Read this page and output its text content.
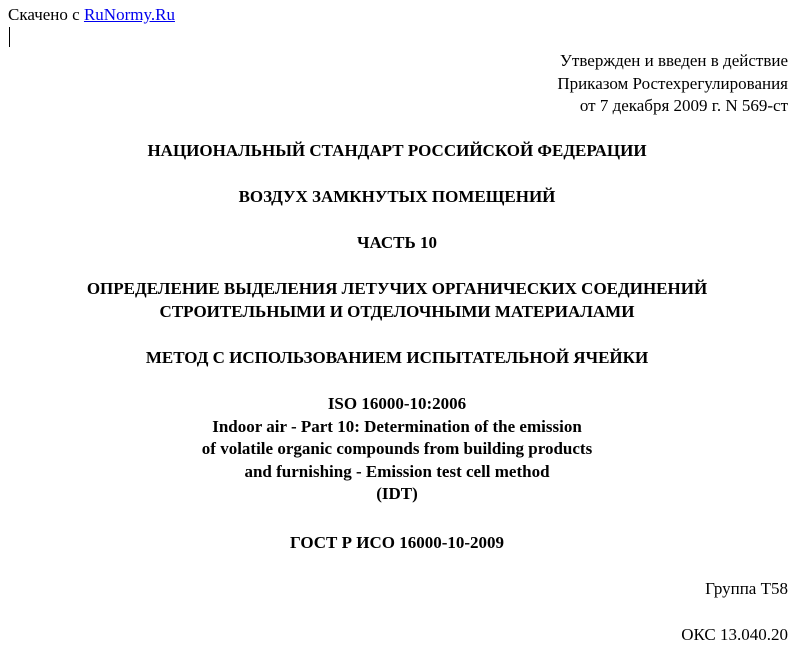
Скачено с RuNormy.Ru
Утвержден и введен в действие
Приказом Ростехрегулирования
от 7 декабря 2009 г. N 569-ст
НАЦИОНАЛЬНЫЙ СТАНДАРТ РОССИЙСКОЙ ФЕДЕРАЦИИ
ВОЗДУХ ЗАМКНУТЫХ ПОМЕЩЕНИЙ
ЧАСТЬ 10
ОПРЕДЕЛЕНИЕ ВЫДЕЛЕНИЯ ЛЕТУЧИХ ОРГАНИЧЕСКИХ СОЕДИНЕНИЙ
СТРОИТЕЛЬНЫМИ И ОТДЕЛОЧНЫМИ МАТЕРИАЛАМИ
МЕТОД С ИСПОЛЬЗОВАНИЕМ ИСПЫТАТЕЛЬНОЙ ЯЧЕЙКИ
ISO 16000-10:2006
Indoor air - Part 10: Determination of the emission
of volatile organic compounds from building products
and furnishing - Emission test cell method
(IDT)
ГОСТ Р ИСО 16000-10-2009
Группа Т58
ОКС 13.040.20
